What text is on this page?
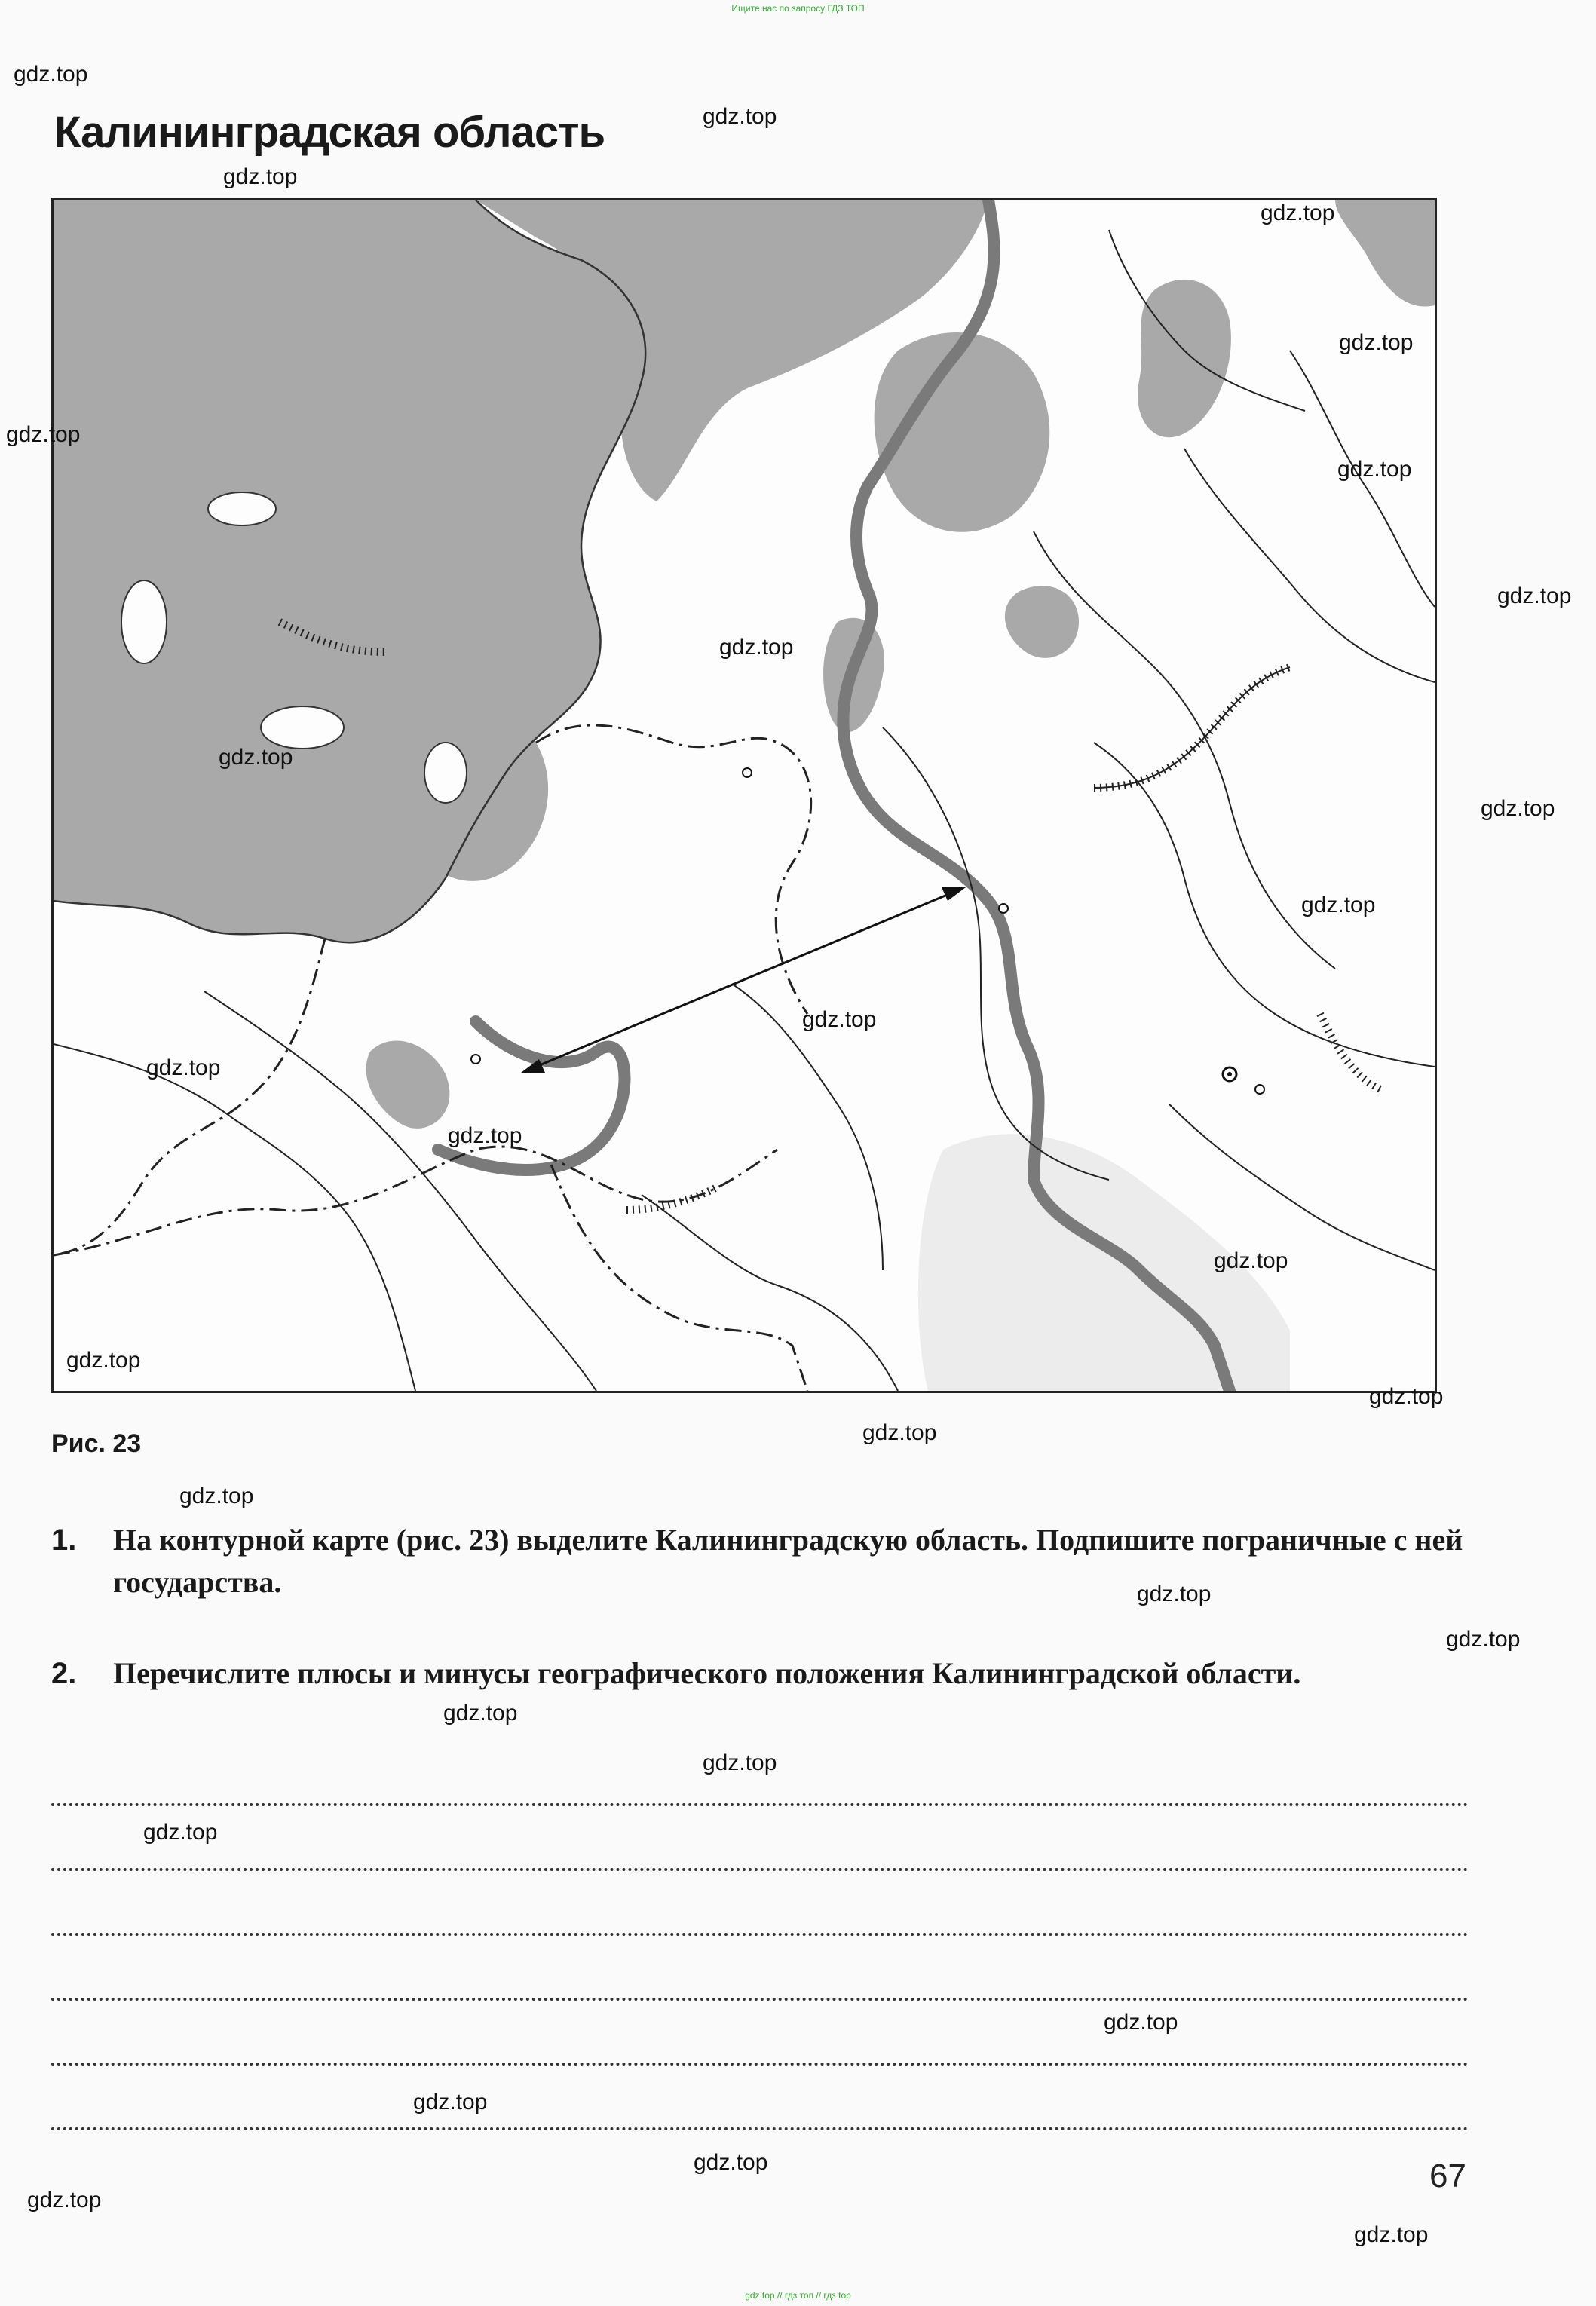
Ищите нас по запросу ГДЗ ТОП
Калининградская область
Рис. 23
1. На контурной карте (рис. 23) выделите Калининградскую область. Подпишите пограничные с ней государства.
2. Перечислите плюсы и минусы географического положения Калининградской области.
67
gdz.top
gdz.top
gdz.top
gdz.top
gdz.top
gdz.top
gdz.top
gdz.top
gdz.top
gdz.top
gdz.top
gdz.top
gdz.top
gdz.top
gdz.top
gdz.top
gdz.top
gdz.top
gdz.top
gdz.top
gdz.top
gdz.top
gdz.top
gdz.top
gdz.top
gdz.top
gdz.top
gdz.top
gdz.top
gdz.top
gdz top // гдз топ // гдз top
